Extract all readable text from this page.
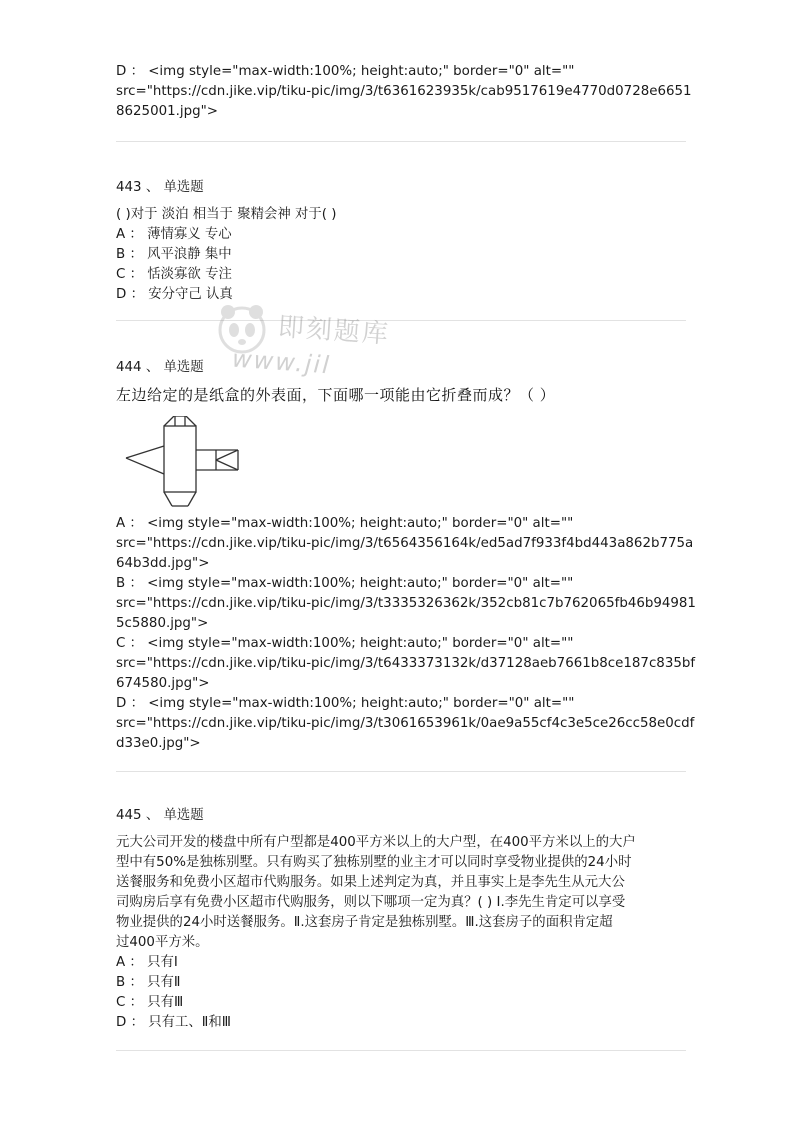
D ： <img style="max-width:100%; height:auto;" border="0" alt=""
src="https://cdn.jike.vip/tiku-pic/img/3/t6361623935k/cab9517619e4770d0728e6651
8625001.jpg">
443 、 单选题
( )对于 淡泊 相当于 聚精会神 对于( )
A ： 薄情寡义 专心
B ： 风平浪静 集中
C ： 恬淡寡欲 专注
D ： 安分守己 认真
即刻题库
www.jil
444 、 单选题
左边给定的是纸盒的外表面，下面哪一项能由它折叠而成？（ ）
A ： <img style="max-width:100%; height:auto;" border="0" alt=""
src="https://cdn.jike.vip/tiku-pic/img/3/t6564356164k/ed5ad7f933f4bd443a862b775a
64b3dd.jpg">
B ： <img style="max-width:100%; height:auto;" border="0" alt=""
src="https://cdn.jike.vip/tiku-pic/img/3/t3335326362k/352cb81c7b762065fb46b94981
5c5880.jpg">
C ： <img style="max-width:100%; height:auto;" border="0" alt=""
src="https://cdn.jike.vip/tiku-pic/img/3/t6433373132k/d37128aeb7661b8ce187c835bf
674580.jpg">
D ： <img style="max-width:100%; height:auto;" border="0" alt=""
src="https://cdn.jike.vip/tiku-pic/img/3/t3061653961k/0ae9a55cf4c3e5ce26cc58e0cdf
d33e0.jpg">
445 、 单选题
元大公司开发的楼盘中所有户型都是400平方米以上的大户型，在400平方米以上的大户
型中有50%是独栋别墅。只有购买了独栋别墅的业主才可以同时享受物业提供的24小时
送餐服务和免费小区超市代购服务。如果上述判定为真，并且事实上是李先生从元大公
司购房后享有免费小区超市代购服务，则以下哪项一定为真？( ) Ⅰ.李先生肯定可以享受
物业提供的24小时送餐服务。Ⅱ.这套房子肯定是独栋别墅。Ⅲ.这套房子的面积肯定超
过400平方米。
A ： 只有Ⅰ
B ： 只有Ⅱ
C ： 只有Ⅲ
D ： 只有工、Ⅱ和Ⅲ
